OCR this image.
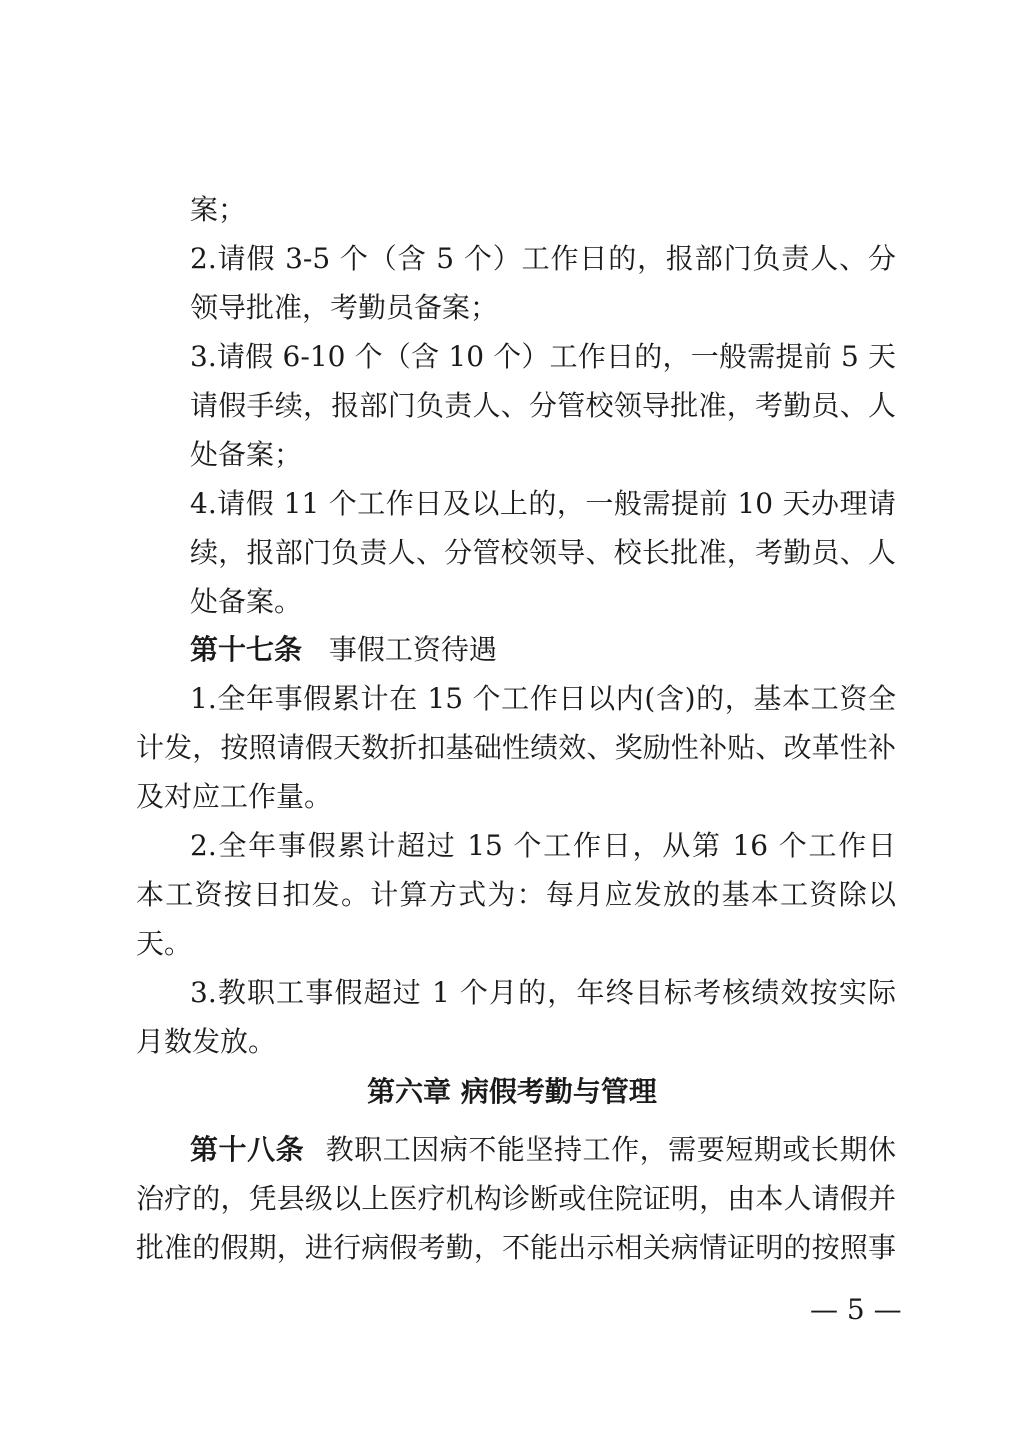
案；
2.请假 3-5 个（含 5 个）工作日的，报部门负责人、分
领导批准，考勤员备案；
3.请假 6-10 个（含 10 个）工作日的，一般需提前 5 天
请假手续，报部门负责人、分管校领导批准，考勤员、人
处备案；
4.请假 11 个工作日及以上的，一般需提前 10 天办理请
续，报部门负责人、分管校领导、校长批准，考勤员、人
处备案。
第十七条 事假工资待遇
1.全年事假累计在 15 个工作日以内(含)的，基本工资全
计发，按照请假天数折扣基础性绩效、奖励性补贴、改革性补
及对应工作量。
2.全年事假累计超过 15 个工作日，从第 16 个工作日
本工资按日扣发。计算方式为：每月应发放的基本工资除以
天。
3.教职工事假超过 1 个月的，年终目标考核绩效按实际
月数发放。
第六章 病假考勤与管理
第十八条 教职工因病不能坚持工作，需要短期或长期休
治疗的，凭县级以上医疗机构诊断或住院证明，由本人请假并
批准的假期，进行病假考勤，不能出示相关病情证明的按照事
— 5 —
